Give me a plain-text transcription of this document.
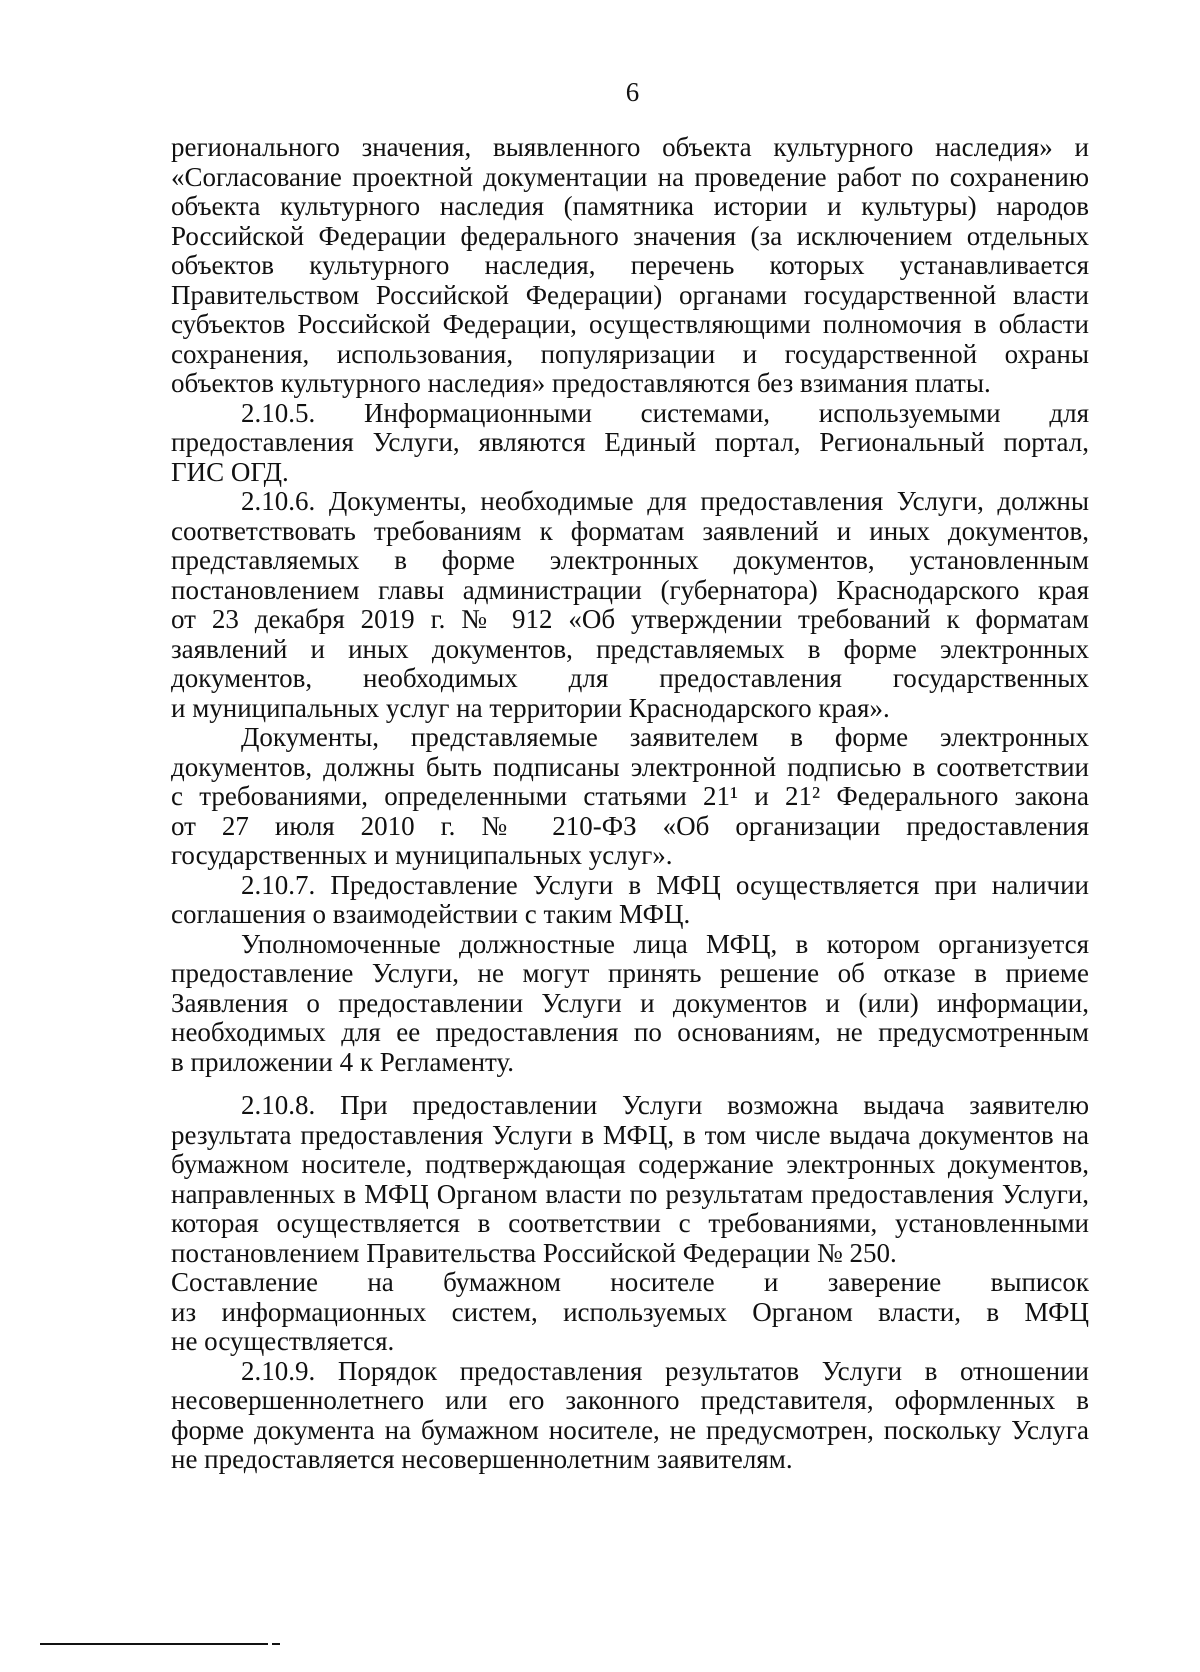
6
регионального значения, выявленного объекта культурного наследия» и
«Согласование проектной документации на проведение работ по сохранению
объекта культурного наследия (памятника истории и культуры) народов
Российской Федерации федерального значения (за исключением отдельных
объектов культурного наследия, перечень которых устанавливается
Правительством Российской Федерации) органами государственной власти
субъектов Российской Федерации, осуществляющими полномочия в области
сохранения, использования, популяризации и государственной охраны
объектов культурного наследия» предоставляются без взимания платы.
2.10.5. Информационными системами, используемыми для
предоставления Услуги, являются Единый портал, Региональный портал,
ГИС ОГД.
2.10.6. Документы, необходимые для предоставления Услуги, должны
соответствовать требованиям к форматам заявлений и иных документов,
представляемых в форме электронных документов, установленным
постановлением главы администрации (губернатора) Краснодарского края
от 23 декабря 2019 г. № 912 «Об утверждении требований к форматам
заявлений и иных документов, представляемых в форме электронных
документов, необходимых для предоставления государственных
и муниципальных услуг на территории Краснодарского края».
Документы, представляемые заявителем в форме электронных
документов, должны быть подписаны электронной подписью в соответствии
с требованиями, определенными статьями 21¹ и 21² Федерального закона
от 27 июля 2010 г. № 210-ФЗ «Об организации предоставления
государственных и муниципальных услуг».
2.10.7. Предоставление Услуги в МФЦ осуществляется при наличии
соглашения о взаимодействии с таким МФЦ.
Уполномоченные должностные лица МФЦ, в котором организуется
предоставление Услуги, не могут принять решение об отказе в приеме
Заявления о предоставлении Услуги и документов и (или) информации,
необходимых для ее предоставления по основаниям, не предусмотренным
в приложении 4 к Регламенту.
2.10.8. При предоставлении Услуги возможна выдача заявителю
результата предоставления Услуги в МФЦ, в том числе выдача документов на
бумажном носителе, подтверждающая содержание электронных документов,
направленных в МФЦ Органом власти по результатам предоставления Услуги,
которая осуществляется в соответствии с требованиями, установленными
постановлением Правительства Российской Федерации № 250.
Составление на бумажном носителе и заверение выписок
из информационных систем, используемых Органом власти, в МФЦ
не осуществляется.
2.10.9. Порядок предоставления результатов Услуги в отношении
несовершеннолетнего или его законного представителя, оформленных в
форме документа на бумажном носителе, не предусмотрен, поскольку Услуга
не предоставляется несовершеннолетним заявителям.
